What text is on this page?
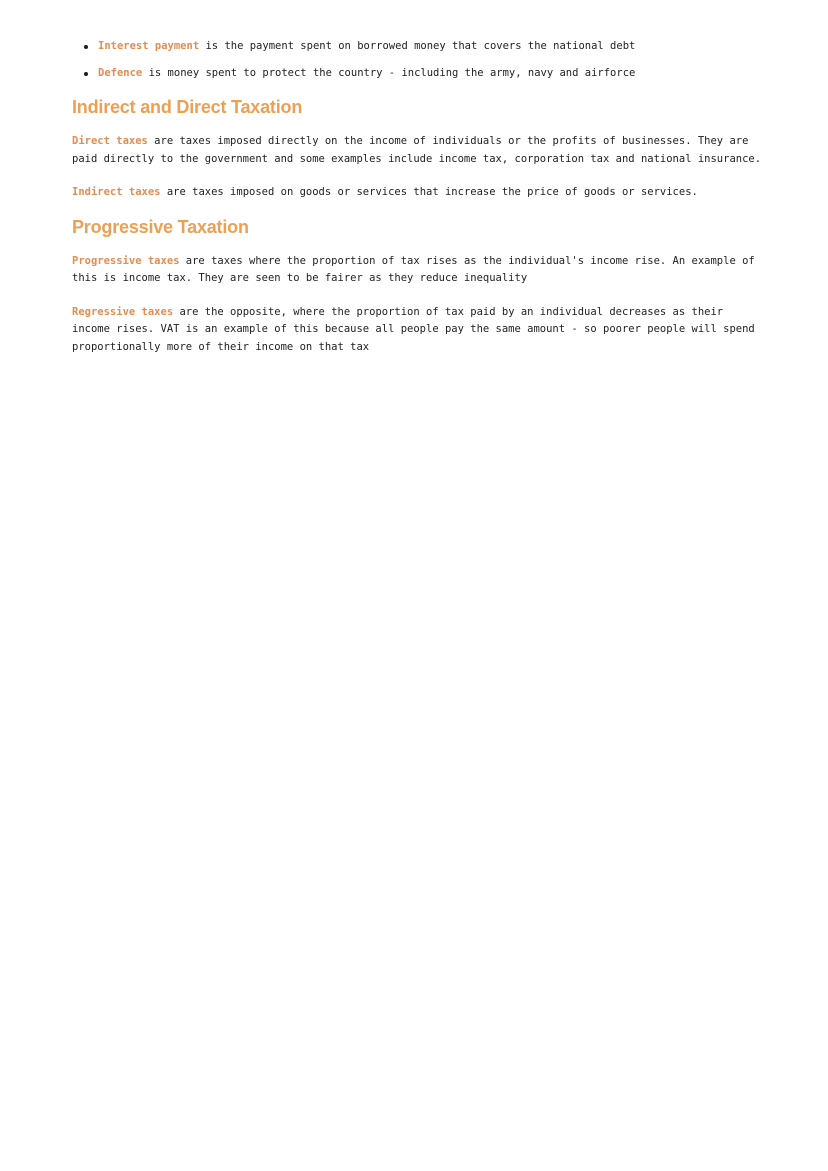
Interest payment is the payment spent on borrowed money that covers the national debt
Defence is money spent to protect the country - including the army, navy and airforce
Indirect and Direct Taxation

Direct taxes are taxes imposed directly on the income of individuals or the profits of businesses. They are paid directly to the government and some examples include income tax, corporation tax and national insurance.

Indirect taxes are taxes imposed on goods or services that increase the price of goods or services.

Progressive Taxation

Progressive taxes are taxes where the proportion of tax rises as the individual's income rise. An example of this is income tax. They are seen to be fairer as they reduce inequality

Regressive taxes are the opposite, where the proportion of tax paid by an individual decreases as their income rises. VAT is an example of this because all people pay the same amount - so poorer people will spend proportionally more of their income on that tax
